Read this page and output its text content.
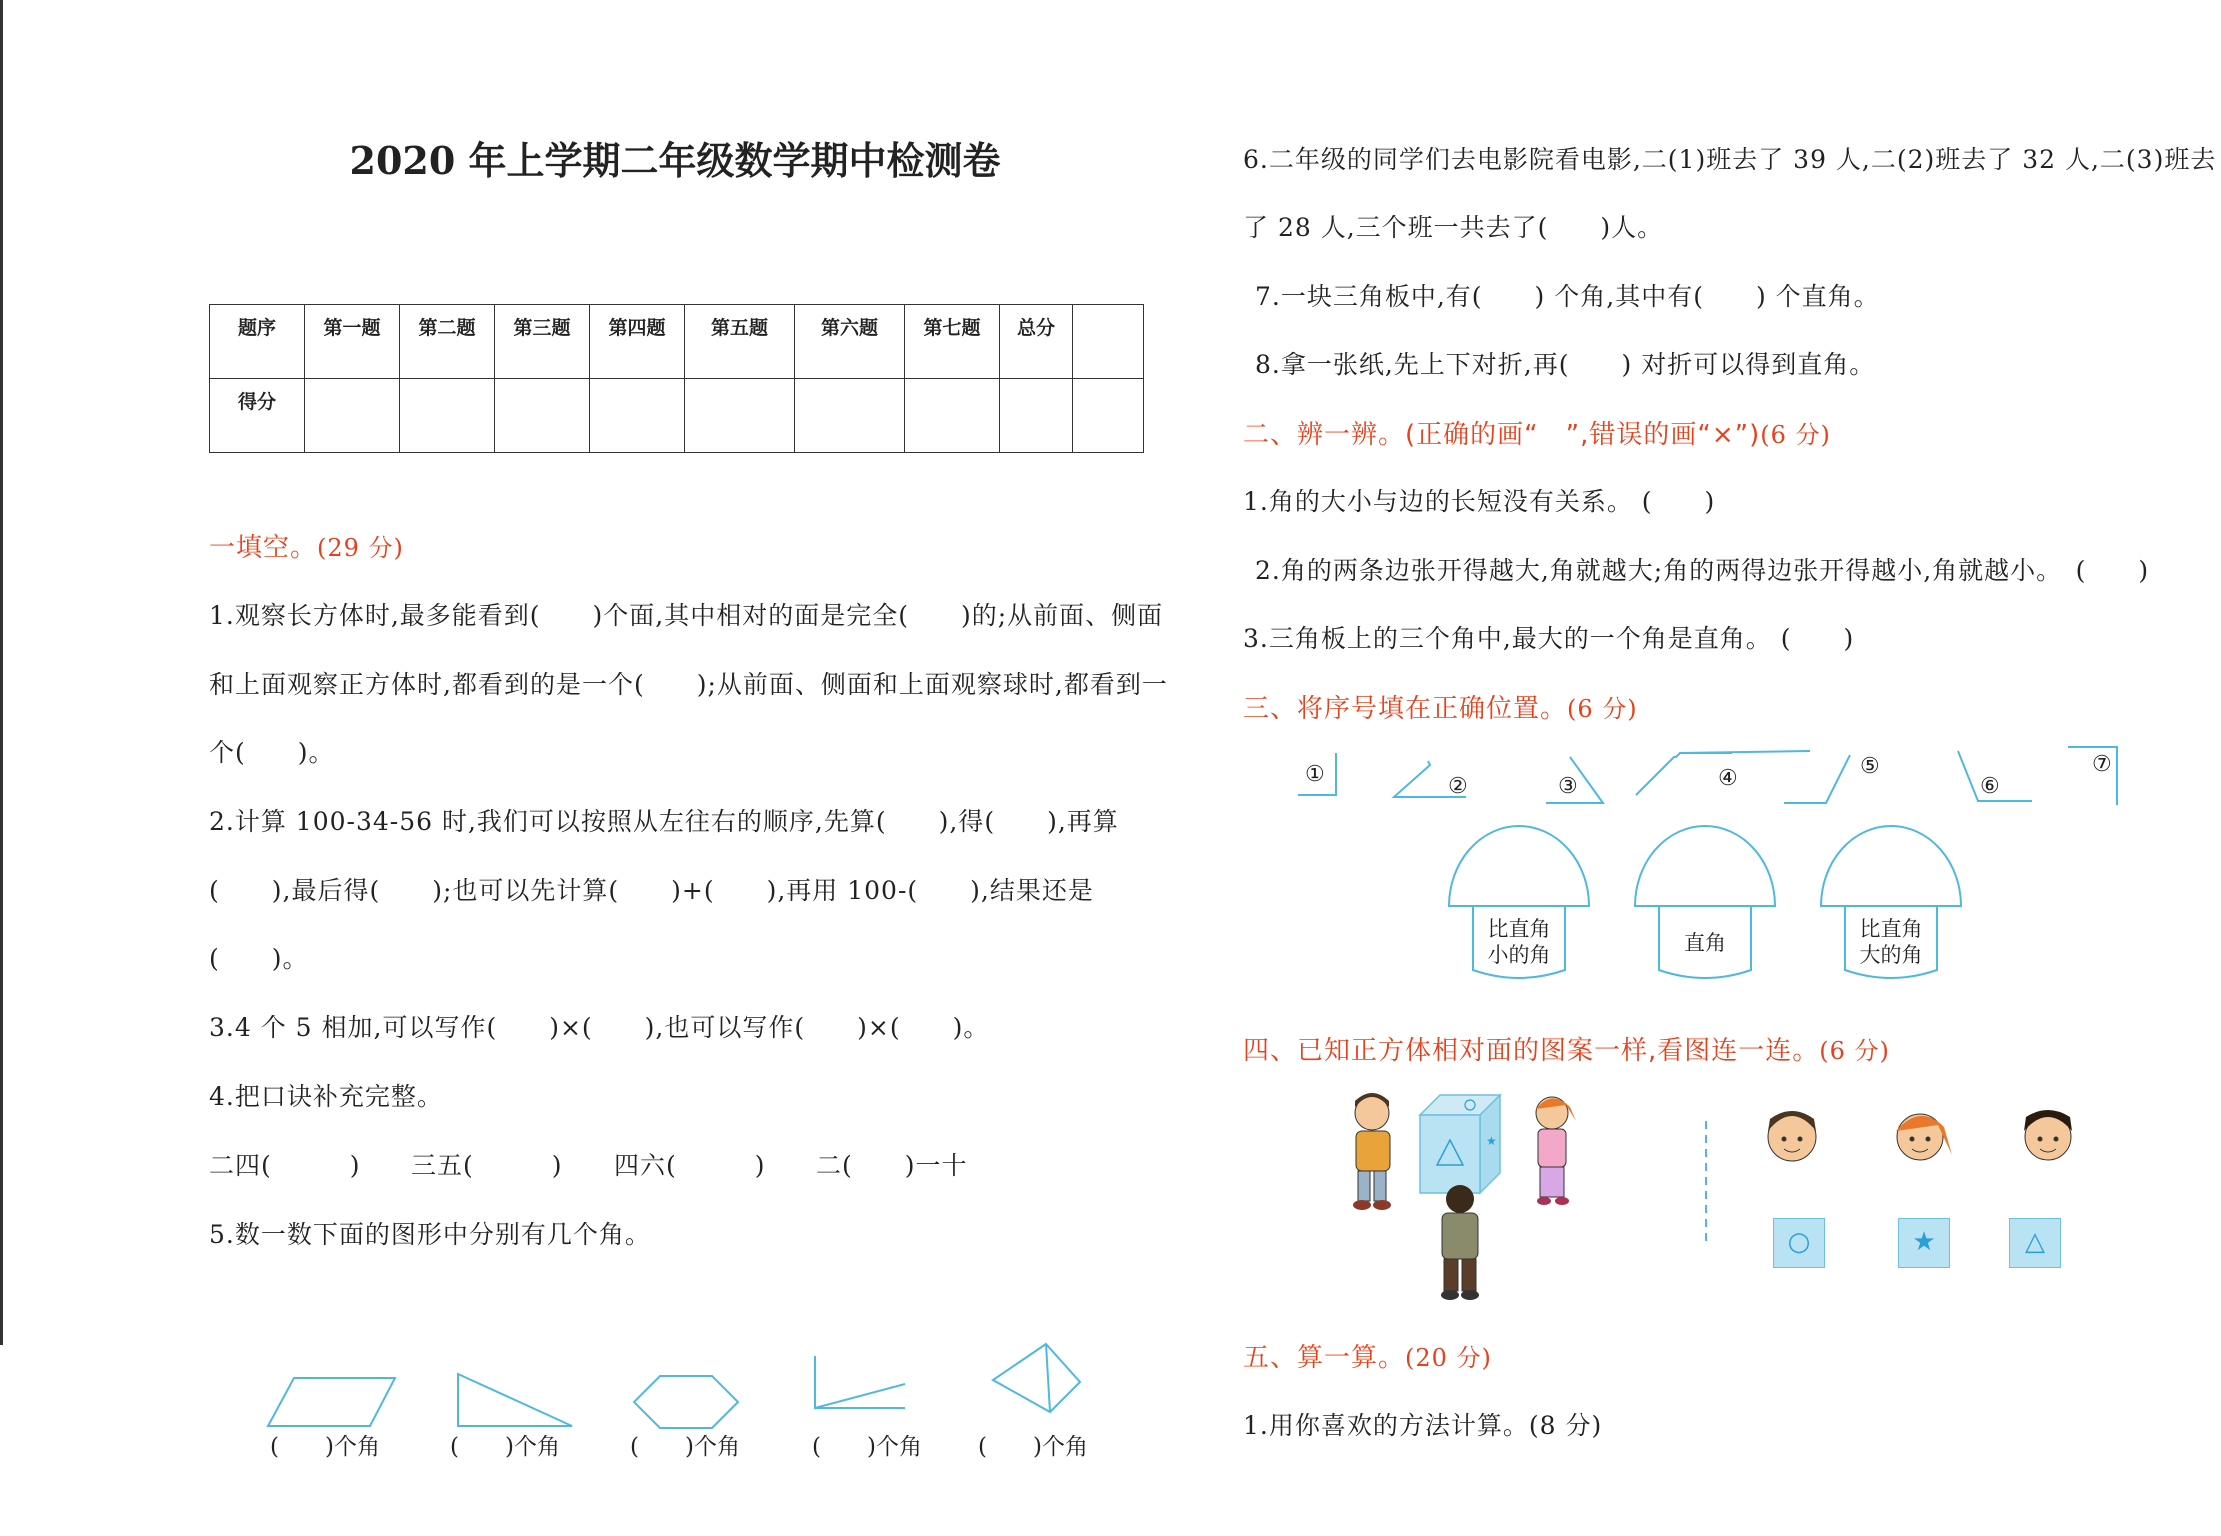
2020 年上学期二年级数学期中检测卷
题序	第一题	第二题	第三题	第四题	第五题	第六题	第七题	总分	
得分									
一填空。(29 分)
1.观察长方体时,最多能看到(　　)个面,其中相对的面是完全(　　)的;从前面、侧面
和上面观察正方体时,都看到的是一个(　　);从前面、侧面和上面观察球时,都看到一
个(　　)。
2.计算 100-34-56 时,我们可以按照从左往右的顺序,先算(　　),得(　　),再算
(　　),最后得(　　);也可以先计算(　　)+(　　),再用 100-(　　),结果还是
(　　)。
3.4 个 5 相加,可以写作(　　)×(　　),也可以写作(　　)×(　　)。
4.把口诀补充完整。
二四(　　　) 三五(　　　) 四六(　　　) 二(　　)一十
5.数一数下面的图形中分别有几个角。
(　　)个角	(　　)个角	(　　)个角	(　　)个角 (　　)个角
6.二年级的同学们去电影院看电影,二(1)班去了 39 人,二(2)班去了 32 人,二(3)班去
了 28 人,三个班一共去了(　　)人。
7.一块三角板中,有(　　) 个角,其中有(　　) 个直角。
8.拿一张纸,先上下对折,再(　　) 对折可以得到直角。
二、辨一辨。(正确的画“　”,错误的画“×”)(6 分)
1.角的大小与边的长短没有关系。 (　　)
2.角的两条边张开得越大,角就越大;角的两得边张开得越小,角就越小。　(　　)
3.三角板上的三个角中,最大的一个角是直角。 (　　)
三、将序号填在正确位置。(6 分)
①	②	③	④	⑤
⑥
⑦
比直角
小的角	直角
比直角
大的角
四、已知正方体相对面的图案一样,看图连一连。(6 分)
★
○	★	△
五、算一算。(20 分)
1.用你喜欢的方法计算。(8 分)
